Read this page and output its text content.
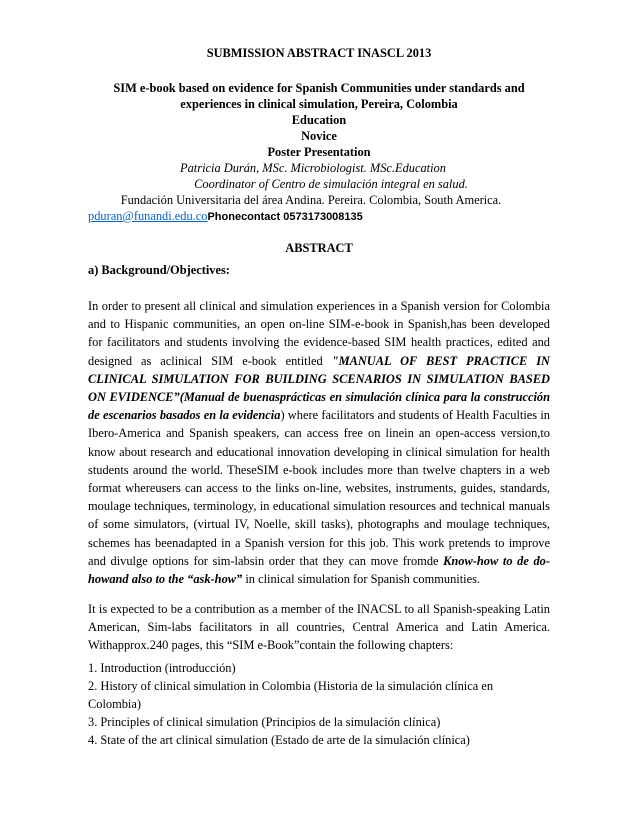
SUBMISSION ABSTRACT INASCL 2013
SIM e-book based on evidence for Spanish Communities under standards and
experiences in clinical simulation, Pereira, Colombia
Education
Novice
Poster Presentation
Patricia Durán, MSc. Microbiologist. MSc.Education
Coordinator of Centro de simulación integral en salud.
Fundación Universitaria del área Andina. Pereira. Colombia, South America.
pduran@funandi.edu.coPhonecontact 0573173008135
ABSTRACT
a) Background/Objectives:
In order to present all clinical and simulation experiences in a Spanish version for Colombia and to Hispanic communities, an open on-line SIM-e-book in Spanish,has been developed for facilitators and students involving the evidence-based SIM health practices, edited and designed as aclinical SIM e-book entitled "MANUAL OF BEST PRACTICE IN CLINICAL SIMULATION FOR BUILDING SCENARIOS IN SIMULATION BASED ON EVIDENCE”(Manual de buenasprácticas en simulación clínica para la construcción de escenarios basados en la evidencia) where facilitators and students of Health Faculties in Ibero-America and Spanish speakers, can access free on linein an open-access version,to know about research and educational innovation developing in clinical simulation for health students around the world. TheseSIM e-book includes more than twelve chapters in a web format whereusers can access to the links on-line, websites, instruments, guides, standards, moulage techniques, terminology, in educational simulation resources and technical manuals of some simulators, (virtual IV, Noelle, skill tasks), photographs and moulage techniques, schemes has beenadapted in a Spanish version for this job. This work pretends to improve and divulge options for sim-labsin order that they can move fromde Know-how to de do-howand also to the “ask-how” in clinical simulation for Spanish communities.
It is expected to be a contribution as a member of the INACSL to all Spanish-speaking Latin American, Sim-labs facilitators in all countries, Central America and Latin America. Withapprox.240 pages, this “SIM e-Book”contain the following chapters:
1. Introduction (introducción)
2. History of clinical simulation in Colombia (Historia de la simulación clínica en
Colombia)
3. Principles of clinical simulation (Principios de la simulación clínica)
4. State of the art clinical simulation (Estado de arte de la simulación clínica)
